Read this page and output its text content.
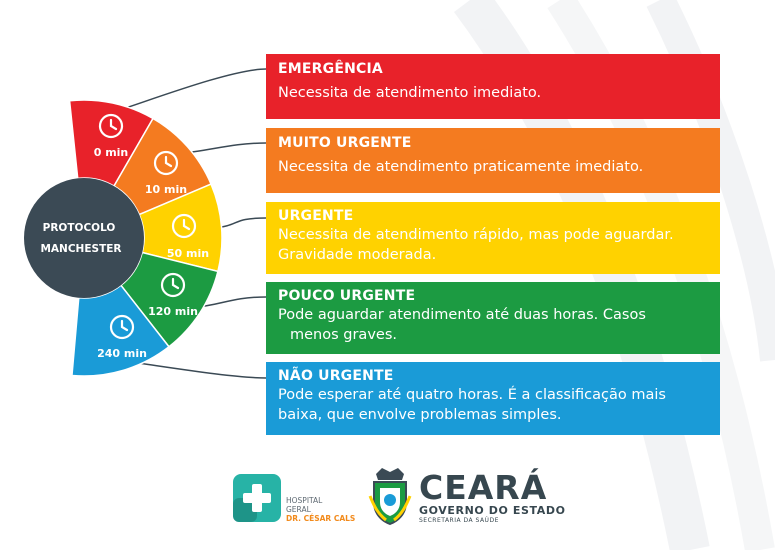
0 min
10 min
50 min
120 min
240 min
PROTOCOLO
MANCHESTER
EMERGÊNCIA
Necessita de atendimento imediato.
MUITO URGENTE
Necessita de atendimento praticamente imediato.
URGENTE
Necessita de atendimento rápido, mas pode aguardar.
Gravidade moderada.
POUCO URGENTE
Pode aguardar atendimento até duas horas. Casos
menos graves.
NÃO URGENTE
Pode esperar até quatro horas. É a classificação mais
baixa, que envolve problemas simples.
HOSPITAL
GERAL
DR. CÉSAR CALS
CEARÁ
GOVERNO DO ESTADO
SECRETARIA DA SAÚDE
